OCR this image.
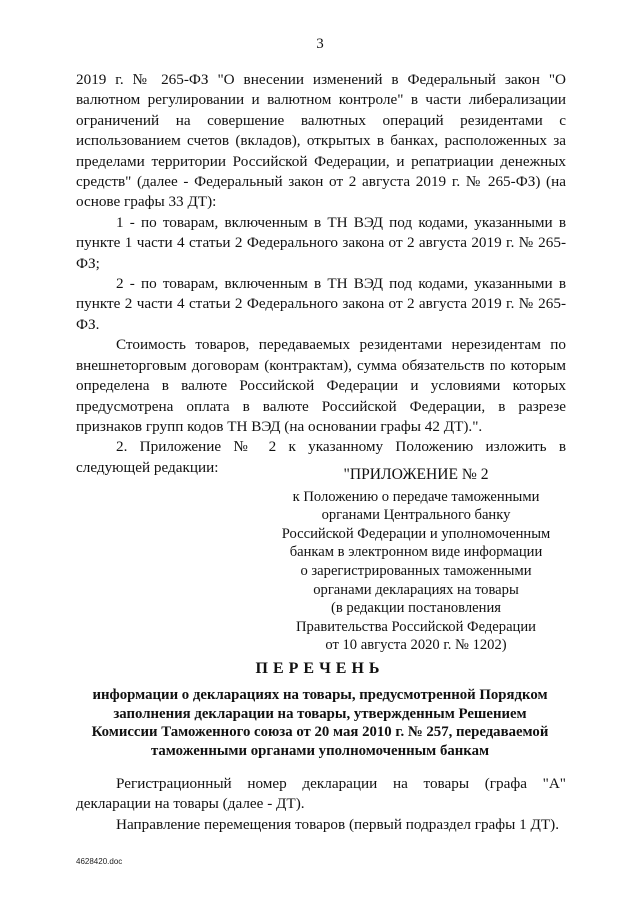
3

2019 г. № 265-ФЗ "О внесении изменений в Федеральный закон "О валютном регулировании и валютном контроле" в части либерализации ограничений на совершение валютных операций резидентами с использованием счетов (вкладов), открытых в банках, расположенных за пределами территории Российской Федерации, и репатриации денежных средств" (далее - Федеральный закон от 2 августа 2019 г. № 265-ФЗ) (на основе графы 33 ДТ):

1 - по товарам, включенным в ТН ВЭД под кодами, указанными в пункте 1 части 4 статьи 2 Федерального закона от 2 августа 2019 г. № 265-ФЗ;

2 - по товарам, включенным в ТН ВЭД под кодами, указанными в пункте 2 части 4 статьи 2 Федерального закона от 2 августа 2019 г. № 265-ФЗ.

Стоимость товаров, передаваемых резидентами нерезидентам по внешнеторговым договорам (контрактам), сумма обязательств по которым определена в валюте Российской Федерации и условиями которых предусмотрена оплата в валюте Российской Федерации, в разрезе признаков групп кодов ТН ВЭД (на основании графы 42 ДТ).".

2. Приложение № 2 к указанному Положению изложить в следующей редакции:	"ПРИЛОЖЕНИЕ № 2
к Положению о передаче таможенными
органами Центрального банку
Российской Федерации и уполномоченным
банкам в электронном виде информации
о зарегистрированных таможенными
органами декларациях на товары
(в редакции постановления
Правительства Российской Федерации
от 10 августа 2020 г. № 1202)
ПЕРЕЧЕНЬ
информации о декларациях на товары, предусмотренной Порядком
заполнения декларации на товары, утвержденным Решением
Комиссии Таможенного союза от 20 мая 2010 г. № 257, передаваемой
таможенными органами уполномоченным банкам

Регистрационный номер декларации на товары (графа "А" декларации на товары (далее - ДТ).

Направление перемещения товаров (первый подраздел графы 1 ДТ).

4628420.doc
